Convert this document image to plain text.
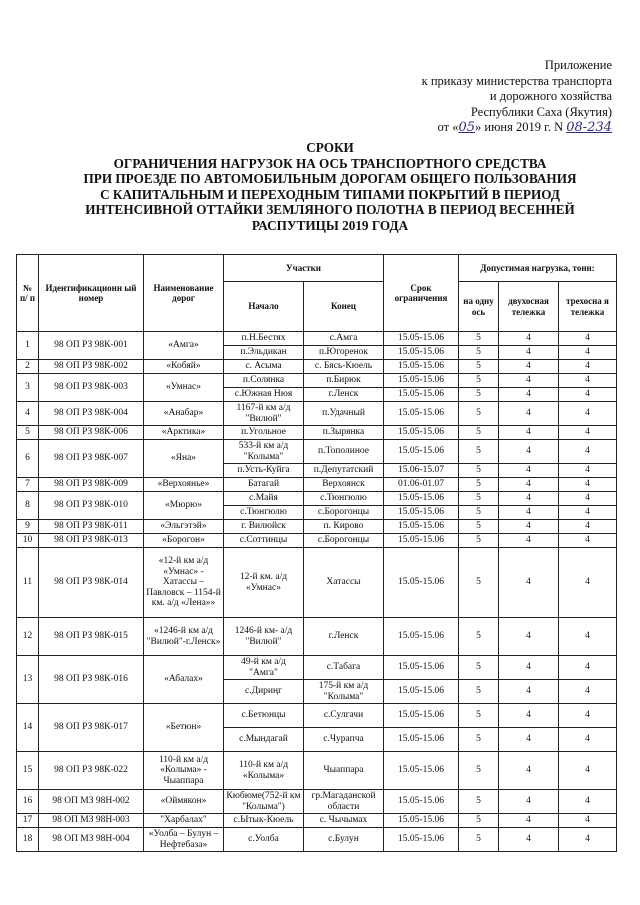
Приложение
к приказу министерства транспорта
и дорожного хозяйства
Республики Саха (Якутия)
от «05» июня 2019 г. N 08-234
СРОКИ
ОГРАНИЧЕНИЯ НАГРУЗОК НА ОСЬ ТРАНСПОРТНОГО СРЕДСТВА
ПРИ ПРОЕЗДЕ ПО АВТОМОБИЛЬНЫМ ДОРОГАМ ОБЩЕГО ПОЛЬЗОВАНИЯ
С КАПИТАЛЬНЫМ И ПЕРЕХОДНЫМ ТИПАМИ ПОКРЫТИЙ В ПЕРИОД
ИНТЕНСИВНОЙ ОТТАЙКИ ЗЕМЛЯНОГО ПОЛОТНА В ПЕРИОД ВЕСЕННЕЙ
РАСПУТИЦЫ 2019 ГОДА
№ п/ п	Идентификационн ый номер	Наименование дорог	Участки		Срок ограничения	Допустимая нагрузка, тонн:		
			Начало	Конец		на одну ось	двухосная тележка	трехосна я тележка
1	98 ОП РЗ 98К-001	«Амга»	п.Н.Бестях	с.Амга	15.05-15.06	5	4	4
			п.Эльдикан	п.Югоренок	15.05-15.06	5	4	4
2	98 ОП РЗ 98К-002	«Кобяй»	с. Асыма	с. Бясь-Кюель	15.05-15.06	5	4	4
3	98 ОП РЗ 98К-003	«Умнас»	п.Солянка	п.Бирюк	15.05-15.06	5	4	4
			с.Южная Нюя	г.Ленск	15.05-15.06	5	4	4
4	98 ОП РЗ 98К-004	«Анабар»	1167-й км а/д "Вилюй"	п.Удачный	15.05-15.06	5	4	4
5	98 ОП РЗ 98К-006	«Арктика»	п.Угольное	п.Зырянка	15.05-15.06	5	4	4
6	98 ОП РЗ 98К-007	«Яна»	533-й км а/д "Колыма"	п.Тополиное	15.05-15.06	5	4	4
			п.Усть-Куйга	п.Депутатский	15.06-15.07	5	4	4
7	98 ОП РЗ 98К-009	«Верхоянье»	Батагай	Верхоянск	01.06-01.07	5	4	4
8	98 ОП РЗ 98К-010	«Мюрю»	с.Майя	с.Тюнгюлю	15.05-15.06	5	4	4
			с.Тюнгюлю	с.Борогонцы	15.05-15.06	5	4	4
9	98 ОП РЗ 98К-011	«Эльгэтэй»	г. Вилюйск	п. Кирово	15.05-15.06	5	4	4
10	98 ОП РЗ 98К-013	«Борогон»	с.Соттинцы	с.Борогонцы	15.05-15.06	5	4	4
11	98 ОП РЗ 98К-014	«12-й км а/д «Умнас» - Хатассы – Павловск – 1154-й км. а/д «Лена»»	12-й км. а/д «Умнас»	Хатассы	15.05-15.06	5	4	4
12	98 ОП РЗ 98К-015	«1246-й км а/д "Вилюй"-г.Ленск»	1246-й км- а/д "Вилюй"	г.Ленск	15.05-15.06	5	4	4
13	98 ОП РЗ 98К-016	«Абалах»	49-й км а/д "Амга"	с.Табага	15.05-15.06	5	4	4
			с.Дириңг	175-й км а/д "Колыма"	15.05-15.06	5	4	4
14	98 ОП РЗ 98К-017	«Бетюн»	с.Бетюнцы	с.Сулгачи	15.05-15.06	5	4	4
			с.Мындагай	с.Чурапча	15.05-15.06	5	4	4
15	98 ОП РЗ 98К-022	110-й км а/д «Колыма» - Чыаппара	110-й км а/д «Колыма»	Чыаппара	15.05-15.06	5	4	4
16	98 ОП МЗ 98Н-002	«Оймякон»	Кюбюме(752-й км "Колыма")	гр.Магаданской области	15.05-15.06	5	4	4
17	98 ОП МЗ 98Н-003	"Харбалах"	с.Ытык-Кюель	с. Чычымах	15.05-15.06	5	4	4
18	98 ОП МЗ 98Н-004	«Уолба – Булун – Нефтебаза»	с.Уолба	с.Булун	15.05-15.06	5	4	4
